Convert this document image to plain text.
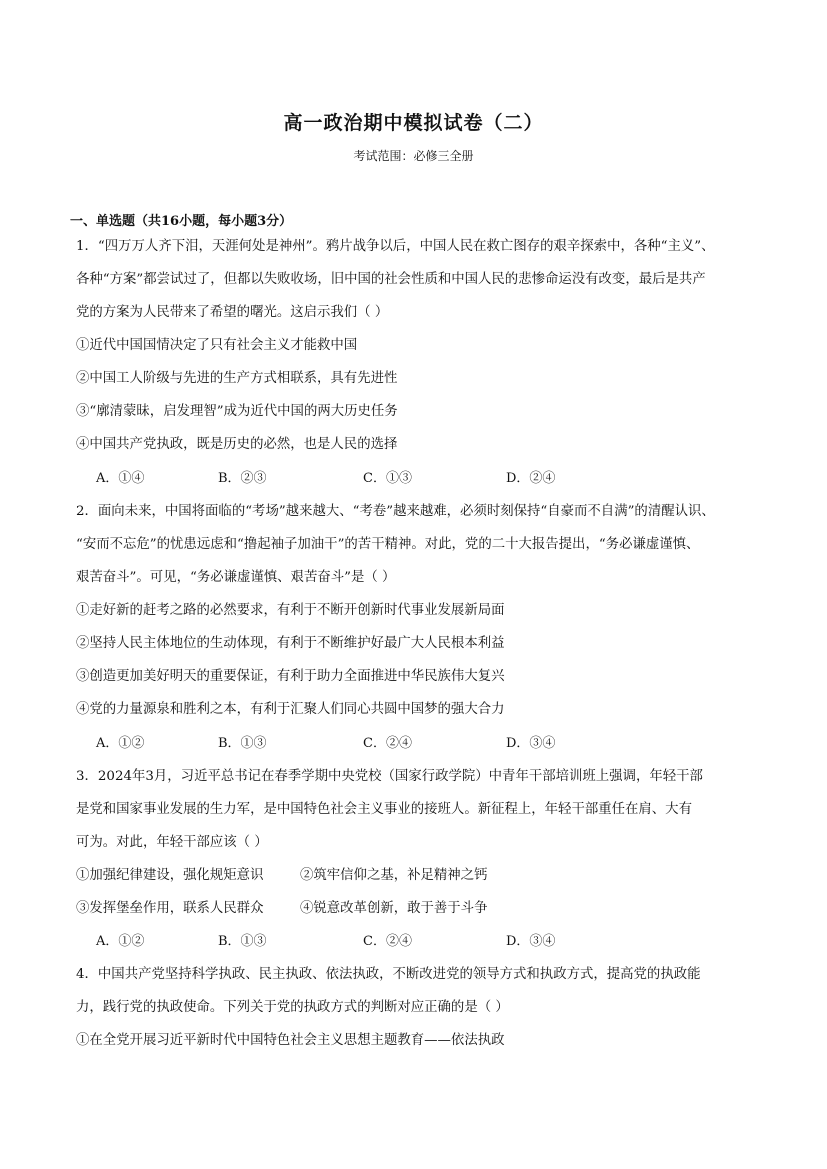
高一政治期中模拟试卷（二）
考试范围：必修三全册
一、单选题（共16小题，每小题3分）
1．“四万万人齐下泪，天涯何处是神州”。鸦片战争以后，中国人民在救亡图存的艰辛探索中，各种“主义”、
各种“方案”都尝试过了，但都以失败收场，旧中国的社会性质和中国人民的悲惨命运没有改变，最后是共产
党的方案为人民带来了希望的曙光。这启示我们（ ）
①近代中国国情决定了只有社会主义才能救中国
②中国工人阶级与先进的生产方式相联系，具有先进性
③“廓清蒙昧，启发理智”成为近代中国的两大历史任务
④中国共产党执政，既是历史的必然，也是人民的选择
A．①④	B．②③	C．①③	D．②④
2．面向未来，中国将面临的“考场”越来越大、“考卷”越来越难，必须时刻保持“自豪而不自满”的清醒认识、
“安而不忘危”的忧患远虑和“撸起袖子加油干”的苦干精神。对此，党的二十大报告提出，“务必谦虚谨慎、
艰苦奋斗”。可见，“务必谦虚谨慎、艰苦奋斗”是（ ）
①走好新的赶考之路的必然要求，有利于不断开创新时代事业发展新局面
②坚持人民主体地位的生动体现，有利于不断维护好最广大人民根本利益
③创造更加美好明天的重要保证，有利于助力全面推进中华民族伟大复兴
④党的力量源泉和胜利之本，有利于汇聚人们同心共圆中国梦的强大合力
A．①②	B．①③	C．②④	D．③④
3．2024年3月，习近平总书记在春季学期中央党校（国家行政学院）中青年干部培训班上强调，年轻干部
是党和国家事业发展的生力军，是中国特色社会主义事业的接班人。新征程上，年轻干部重任在肩、大有
可为。对此，年轻干部应该（ ）
①加强纪律建设，强化规矩意识	②筑牢信仰之基，补足精神之钙
③发挥堡垒作用，联系人民群众	④锐意改革创新，敢于善于斗争
A．①②	B．①③	C．②④	D．③④
4．中国共产党坚持科学执政、民主执政、依法执政，不断改进党的领导方式和执政方式，提高党的执政能
力，践行党的执政使命。下列关于党的执政方式的判断对应正确的是（ ）
①在全党开展习近平新时代中国特色社会主义思想主题教育——依法执政
